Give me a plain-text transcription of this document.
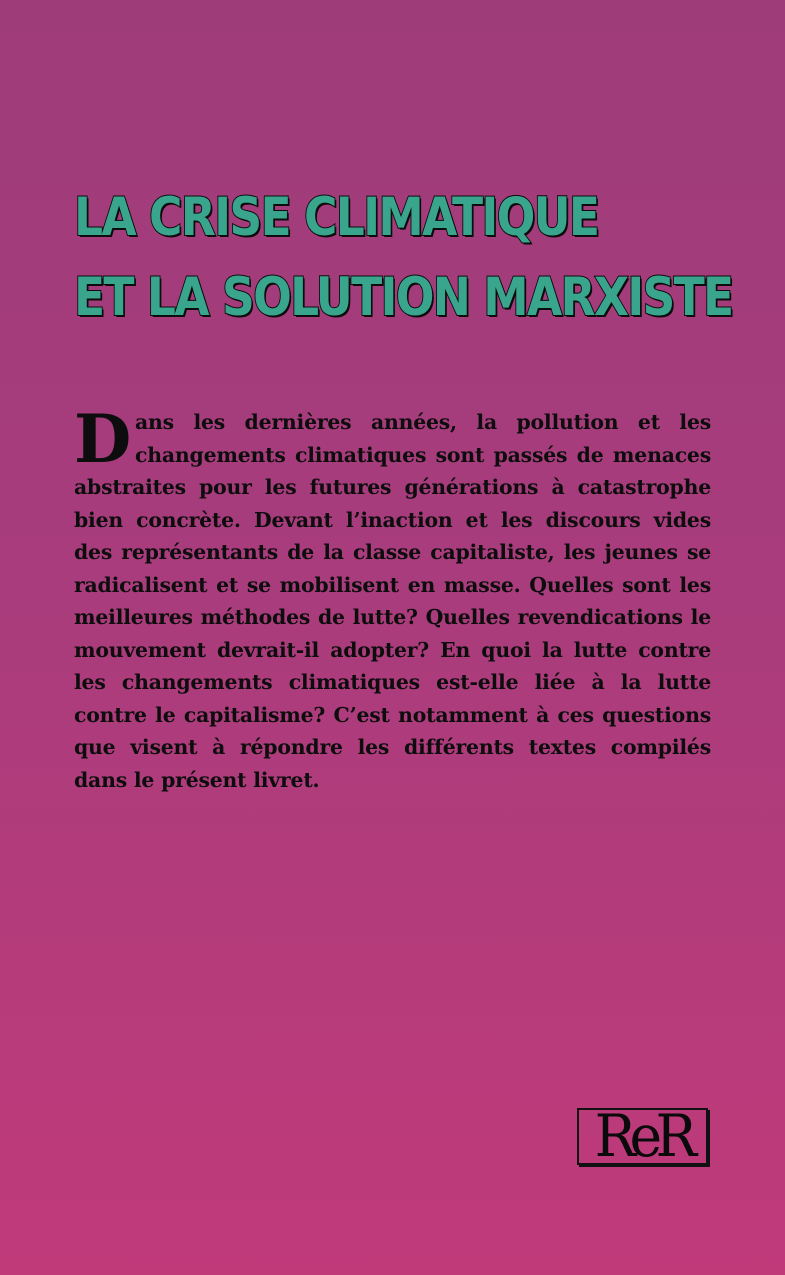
LA CRISE CLIMATIQUE
ET LA SOLUTION MARXISTE

Dans les dernières années, la pollution et les changements climatiques sont passés de menaces abstraites pour les futures générations à catastrophe bien concrète. Devant l’inaction et les discours vides des représentants de la classe capitaliste, les jeunes se radicalisent et se mobilisent en masse. Quelles sont les meilleures méthodes de lutte? Quelles revendications le mouvement devrait-il adopter? En quoi la lutte contre les changements climatiques est-elle liée à la lutte contre le capitalisme? C’est notamment à ces questions que visent à répondre les différents textes compilés dans le présent livret.

ReR
